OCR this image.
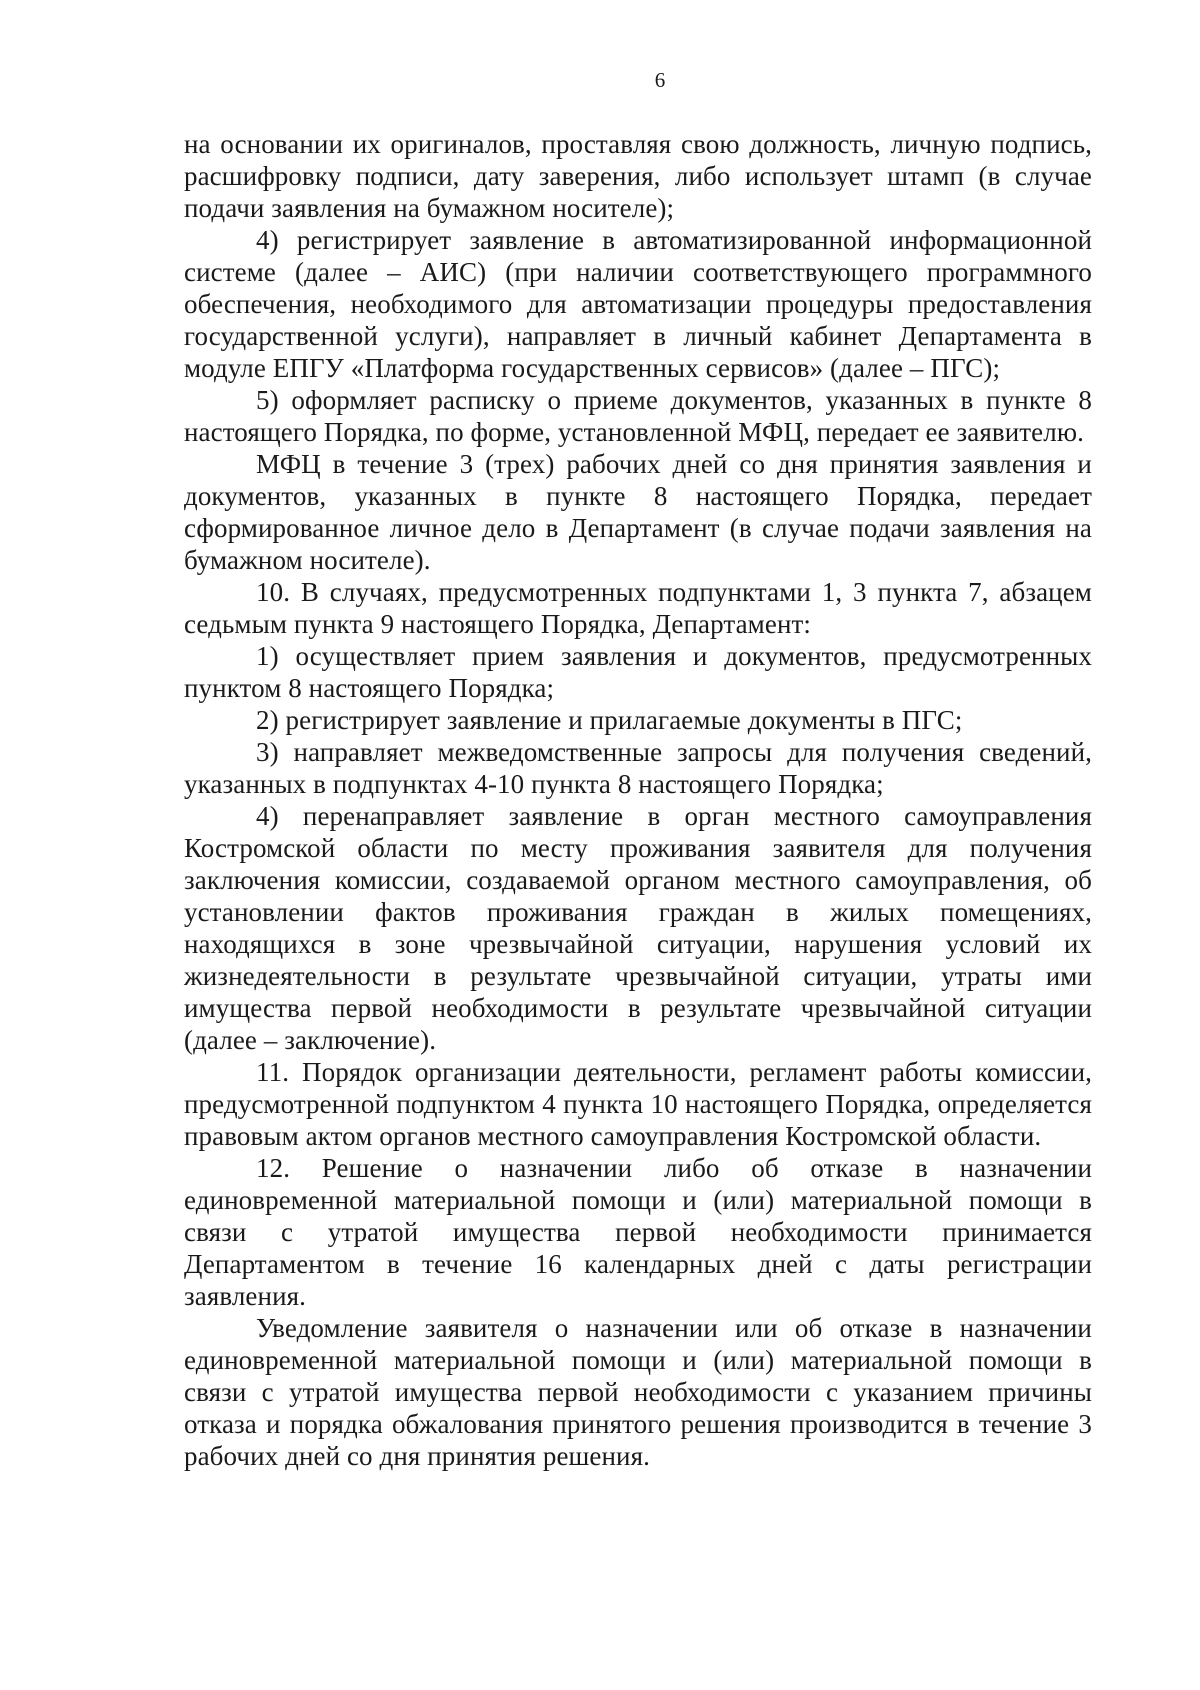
6

на основании их оригиналов, проставляя свою должность, личную подпись, расшифровку подписи, дату заверения, либо использует штамп (в случае подачи заявления на бумажном носителе);

4) регистрирует заявление в автоматизированной информационной системе (далее – АИС) (при наличии соответствующего программного обеспечения, необходимого для автоматизации процедуры предоставления государственной услуги), направляет в личный кабинет Департамента в модуле ЕПГУ «Платформа государственных сервисов» (далее – ПГС);

5) оформляет расписку о приеме документов, указанных в пункте 8 настоящего Порядка, по форме, установленной МФЦ, передает ее заявителю.

МФЦ в течение 3 (трех) рабочих дней со дня принятия заявления и документов, указанных в пункте 8 настоящего Порядка, передает сформированное личное дело в Департамент (в случае подачи заявления на бумажном носителе).

10. В случаях, предусмотренных подпунктами 1, 3 пункта 7, абзацем седьмым пункта 9 настоящего Порядка, Департамент:

1) осуществляет прием заявления и документов, предусмотренных пунктом 8 настоящего Порядка;

2) регистрирует заявление и прилагаемые документы в ПГС;

3) направляет межведомственные запросы для получения сведений, указанных в подпунктах 4-10 пункта 8 настоящего Порядка;

4) перенаправляет заявление в орган местного самоуправления Костромской области по месту проживания заявителя для получения заключения комиссии, создаваемой органом местного самоуправления, об установлении фактов проживания граждан в жилых помещениях, находящихся в зоне чрезвычайной ситуации, нарушения условий их жизнедеятельности в результате чрезвычайной ситуации, утраты ими имущества первой необходимости в результате чрезвычайной ситуации (далее – заключение).

11. Порядок организации деятельности, регламент работы комиссии, предусмотренной подпунктом 4 пункта 10 настоящего Порядка, определяется правовым актом органов местного самоуправления Костромской области.

12. Решение о назначении либо об отказе в назначении единовременной материальной помощи и (или) материальной помощи в связи с утратой имущества первой необходимости принимается Департаментом в течение 16 календарных дней с даты регистрации заявления.

Уведомление заявителя о назначении или об отказе в назначении единовременной материальной помощи и (или) материальной помощи в связи с утратой имущества первой необходимости с указанием причины отказа и порядка обжалования принятого решения производится в течение 3 рабочих дней со дня принятия решения.
